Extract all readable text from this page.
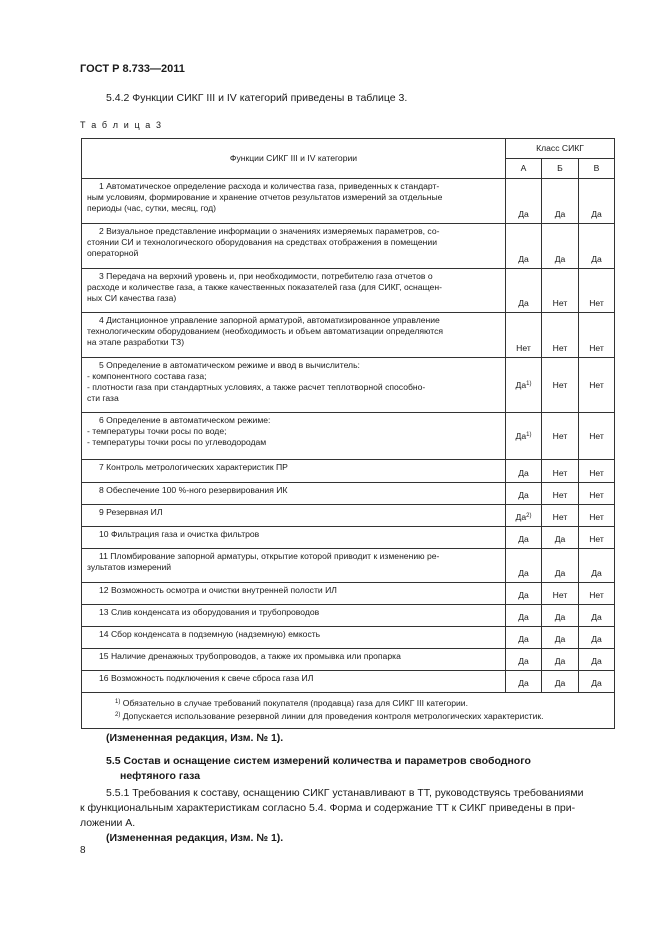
ГОСТ Р 8.733—2011
5.4.2 Функции СИКГ III и IV категорий приведены в таблице 3.
Т а б л и ц а 3
Функции СИКГ III и IV категории	Класс СИКГ		
	А	Б	В

1 Автоматическое определение расхода и количества газа, приведенных к стандарт-
ным условиям, формирование и хранение отчетов результатов измерений за отдельные
периоды (час, сутки, месяц, год)	Да	Да	Да

2 Визуальное представление информации о значениях измеряемых параметров, со-
стоянии СИ и технологического оборудования на средствах отображения в помещении
операторной	Да	Да	Да

3 Передача на верхний уровень и, при необходимости, потребителю газа отчетов о
расходе и количестве газа, а также качественных показателей газа (для СИКГ, оснащен-
ных СИ качества газа)	Да	Нет	Нет

4 Дистанционное управление запорной арматурой, автоматизированное управление
технологическим оборудованием (необходимость и объем автоматизации определяются
на этапе разработки ТЗ)	Нет	Нет	Нет

5 Определение в автоматическом режиме и ввод в вычислитель:
- компонентного состава газа;
- плотности газа при стандартных условиях, а также расчет теплотворной способно-
сти газа	$Да^{1)}$	Нет	Нет

6 Определение в автоматическом режиме:
- температуры точки росы по воде;
- температуры точки росы по углеводородам	$Да^{1)}$	Нет	Нет

7 Контроль метрологических характеристик ПР	Да	Нет	Нет

8 Обеспечение 100 %-ного резервирования ИК	Да	Нет	Нет

9 Резервная ИЛ	$Да^{2)}$	Нет	Нет

10 Фильтрация газа и очистка фильтров	Да	Да	Нет

11 Пломбирование запорной арматуры, открытие которой приводит к изменению ре-
зультатов измерений	Да	Да	Да

12 Возможность осмотра и очистки внутренней полости ИЛ	Да	Нет	Нет

13 Слив конденсата из оборудования и трубопроводов	Да	Да	Да

14 Сбор конденсата в подземную (надземную) емкость	Да	Да	Да

15 Наличие дренажных трубопроводов, а также их промывка или пропарка	Да	Да	Да

16 Возможность подключения к свече сброса газа ИЛ	Да	Да	Да

$^{1)}$ Обязательно в случае требований покупателя (продавца) газа для СИКГ III категории.
$^{2)}$ Допускается использование резервной линии для проведения контроля метрологических характеристик.			
(Измененная редакция, Изм. № 1).
5.5 Состав и оснащение систем измерений количества и параметров свободного
нефтяного газа
5.5.1 Требования к составу, оснащению СИКГ устанавливают в ТТ, руководствуясь требованиями
к функциональным характеристикам согласно 5.4. Форма и содержание ТТ к СИКГ приведены в при-
ложении А.
(Измененная редакция, Изм. № 1).
8
